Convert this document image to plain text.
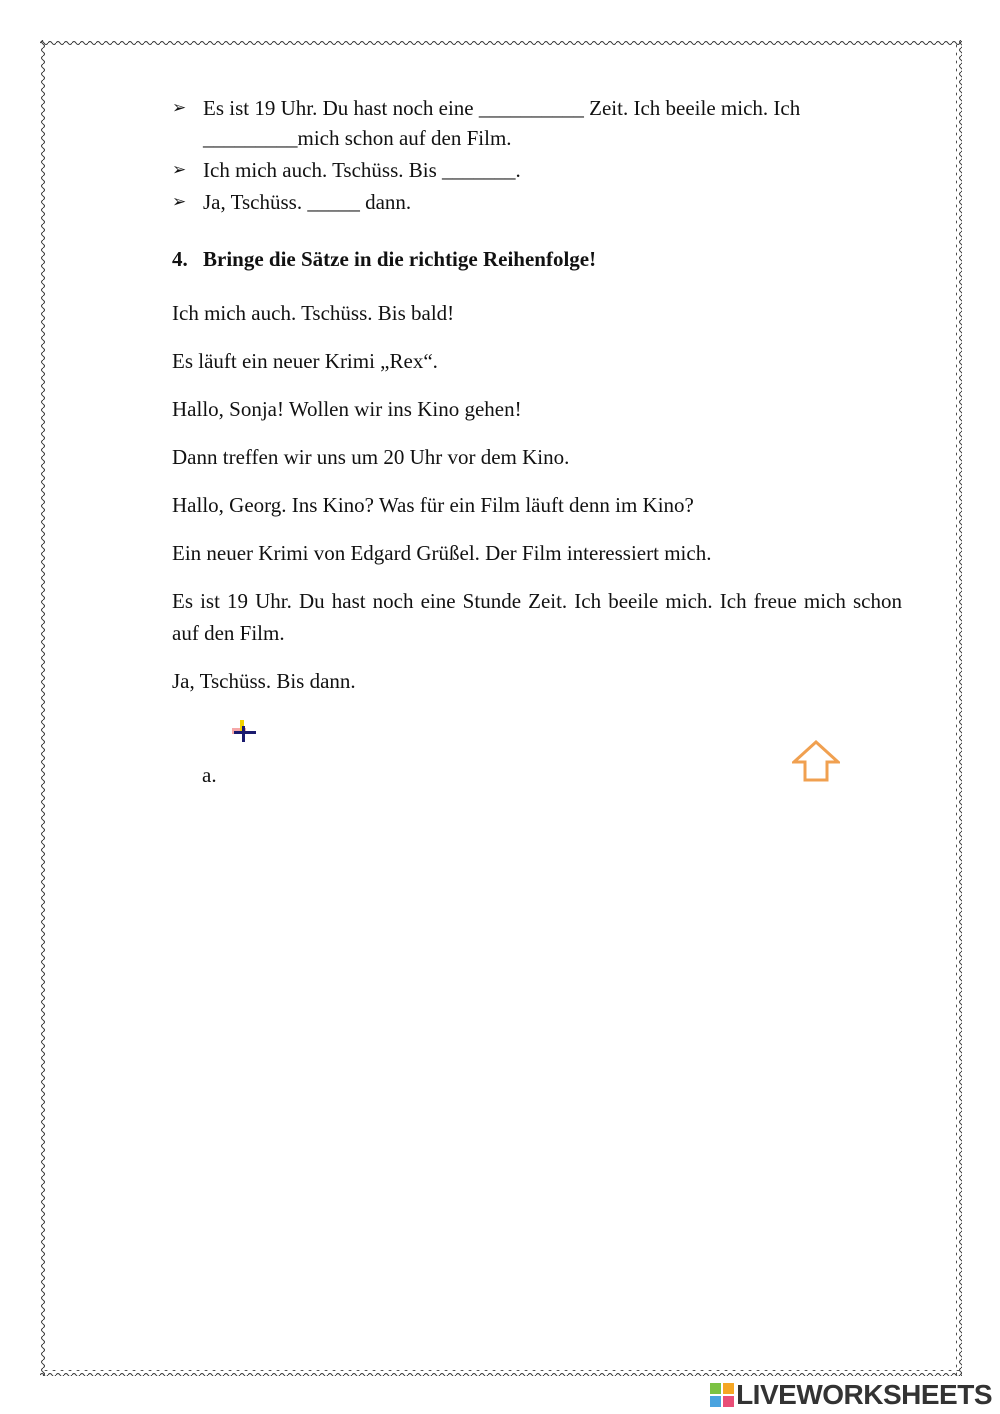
➢ Es ist 19 Uhr. Du hast noch eine __________ Zeit. Ich beeile mich. Ich
_________mich schon auf den Film.
➢ Ich mich auch. Tschüss. Bis _______.
➢ Ja, Tschüss. _____ dann.
4. Bringe die Sätze in die richtige Reihenfolge!

Ich mich auch. Tschüss. Bis bald!

Es läuft ein neuer Krimi „Rex“.

Hallo, Sonja! Wollen wir ins Kino gehen!

Dann treffen wir uns um 20 Uhr vor dem Kino.

Hallo, Georg. Ins Kino? Was für ein Film läuft denn im Kino?

Ein neuer Krimi von Edgard Grüßel. Der Film interessiert mich.

Es ist 19 Uhr. Du hast noch eine Stunde Zeit. Ich beeile mich. Ich freue mich schon auf den Film.

Ja, Tschüss. Bis dann.

a.
LIVEWORKSHEETS
